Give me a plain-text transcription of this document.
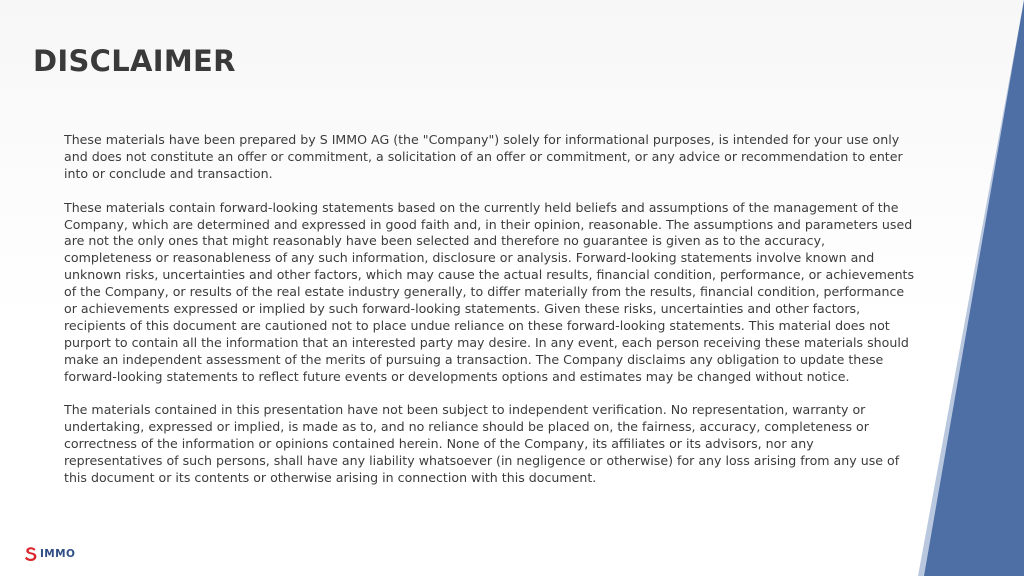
DISCLAIMER

These materials have been prepared by S IMMO AG (the "Company") solely for informational purposes, is intended for your use only and does not constitute an offer or commitment, a solicitation of an offer or commitment, or any advice or recommendation to enter into or conclude and transaction.

These materials contain forward-looking statements based on the currently held beliefs and assumptions of the management of the Company, which are determined and expressed in good faith and, in their opinion, reasonable. The assumptions and parameters used are not the only ones that might reasonably have been selected and therefore no guarantee is given as to the accuracy, completeness or reasonableness of any such information, disclosure or analysis. Forward-looking statements involve known and unknown risks, uncertainties and other factors, which may cause the actual results, financial condition, performance, or achievements of the Company, or results of the real estate industry generally, to differ materially from the results, financial condition, performance or achievements expressed or implied by such forward-looking statements. Given these risks, uncertainties and other factors, recipients of this document are cautioned not to place undue reliance on these forward-looking statements. This material does not purport to contain all the information that an interested party may desire. In any event, each person receiving these materials should make an independent assessment of the merits of pursuing a transaction. The Company disclaims any obligation to update these forward-looking statements to reflect future events or developments options and estimates may be changed without notice.

The materials contained in this presentation have not been subject to independent verification. No representation, warranty or undertaking, expressed or implied, is made as to, and no reliance should be placed on, the fairness, accuracy, completeness or correctness of the information or opinions contained herein. None of the Company, its affiliates or its advisors, nor any representatives of such persons, shall have any liability whatsoever (in negligence or otherwise) for any loss arising from any use of this document or its contents or otherwise arising in connection with this document.

IMMO
